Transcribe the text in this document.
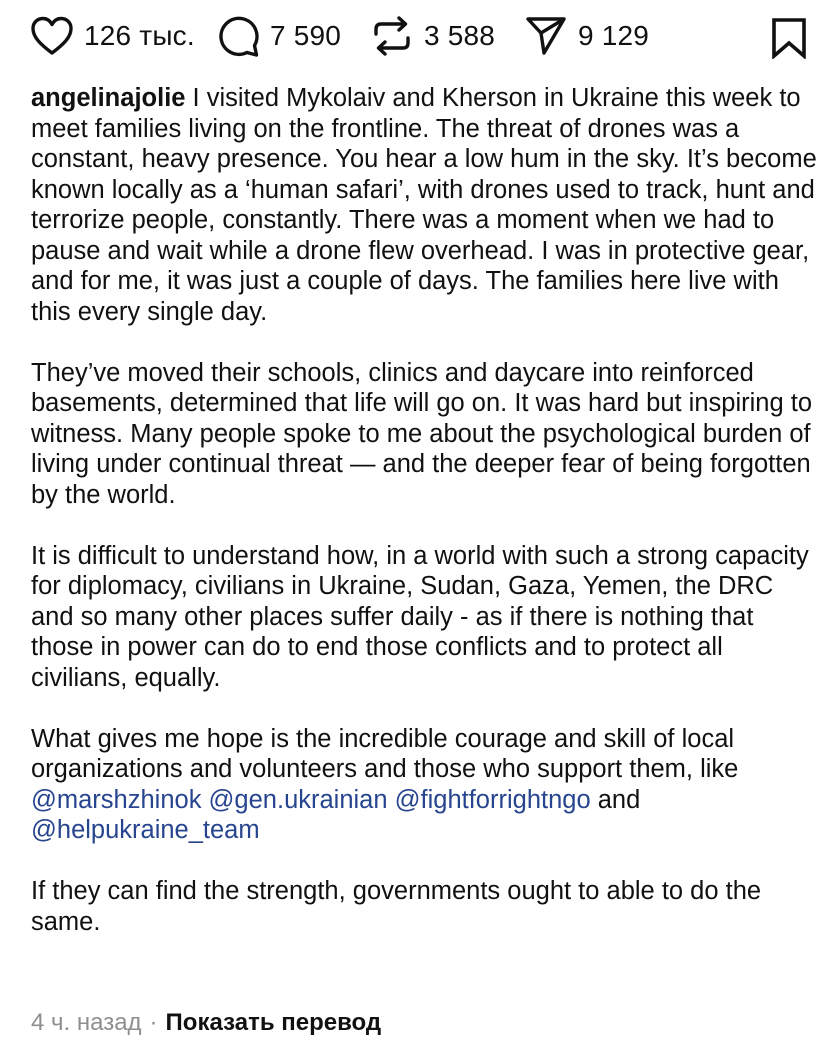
126 тыс.	7 590	3 588	9 129

angelinajolie I visited Mykolaiv and Kherson in Ukraine this week to meet families living on the frontline. The threat of drones was a constant, heavy presence. You hear a low hum in the sky. It’s become known locally as a ‘human safari’, with drones used to track, hunt and terrorize people, constantly. There was a moment when we had to pause and wait while a drone flew overhead. I was in protective gear, and for me, it was just a couple of days. The families here live with this every single day.

They’ve moved their schools, clinics and daycare into reinforced basements, determined that life will go on. It was hard but inspiring to witness. Many people spoke to me about the psychological burden of living under continual threat — and the deeper fear of being forgotten by the world.

It is difficult to understand how, in a world with such a strong capacity for diplomacy, civilians in Ukraine, Sudan, Gaza, Yemen, the DRC and so many other places suffer daily - as if there is nothing that those in power can do to end those conflicts and to protect all civilians, equally.

What gives me hope is the incredible courage and skill of local organizations and volunteers and those who support them, like @marshzhinok @gen.ukrainian @fightforrightngo and @helpukraine_team

If they can find the strength, governments ought to able to do the same.

4 ч. назад · Показать перевод
